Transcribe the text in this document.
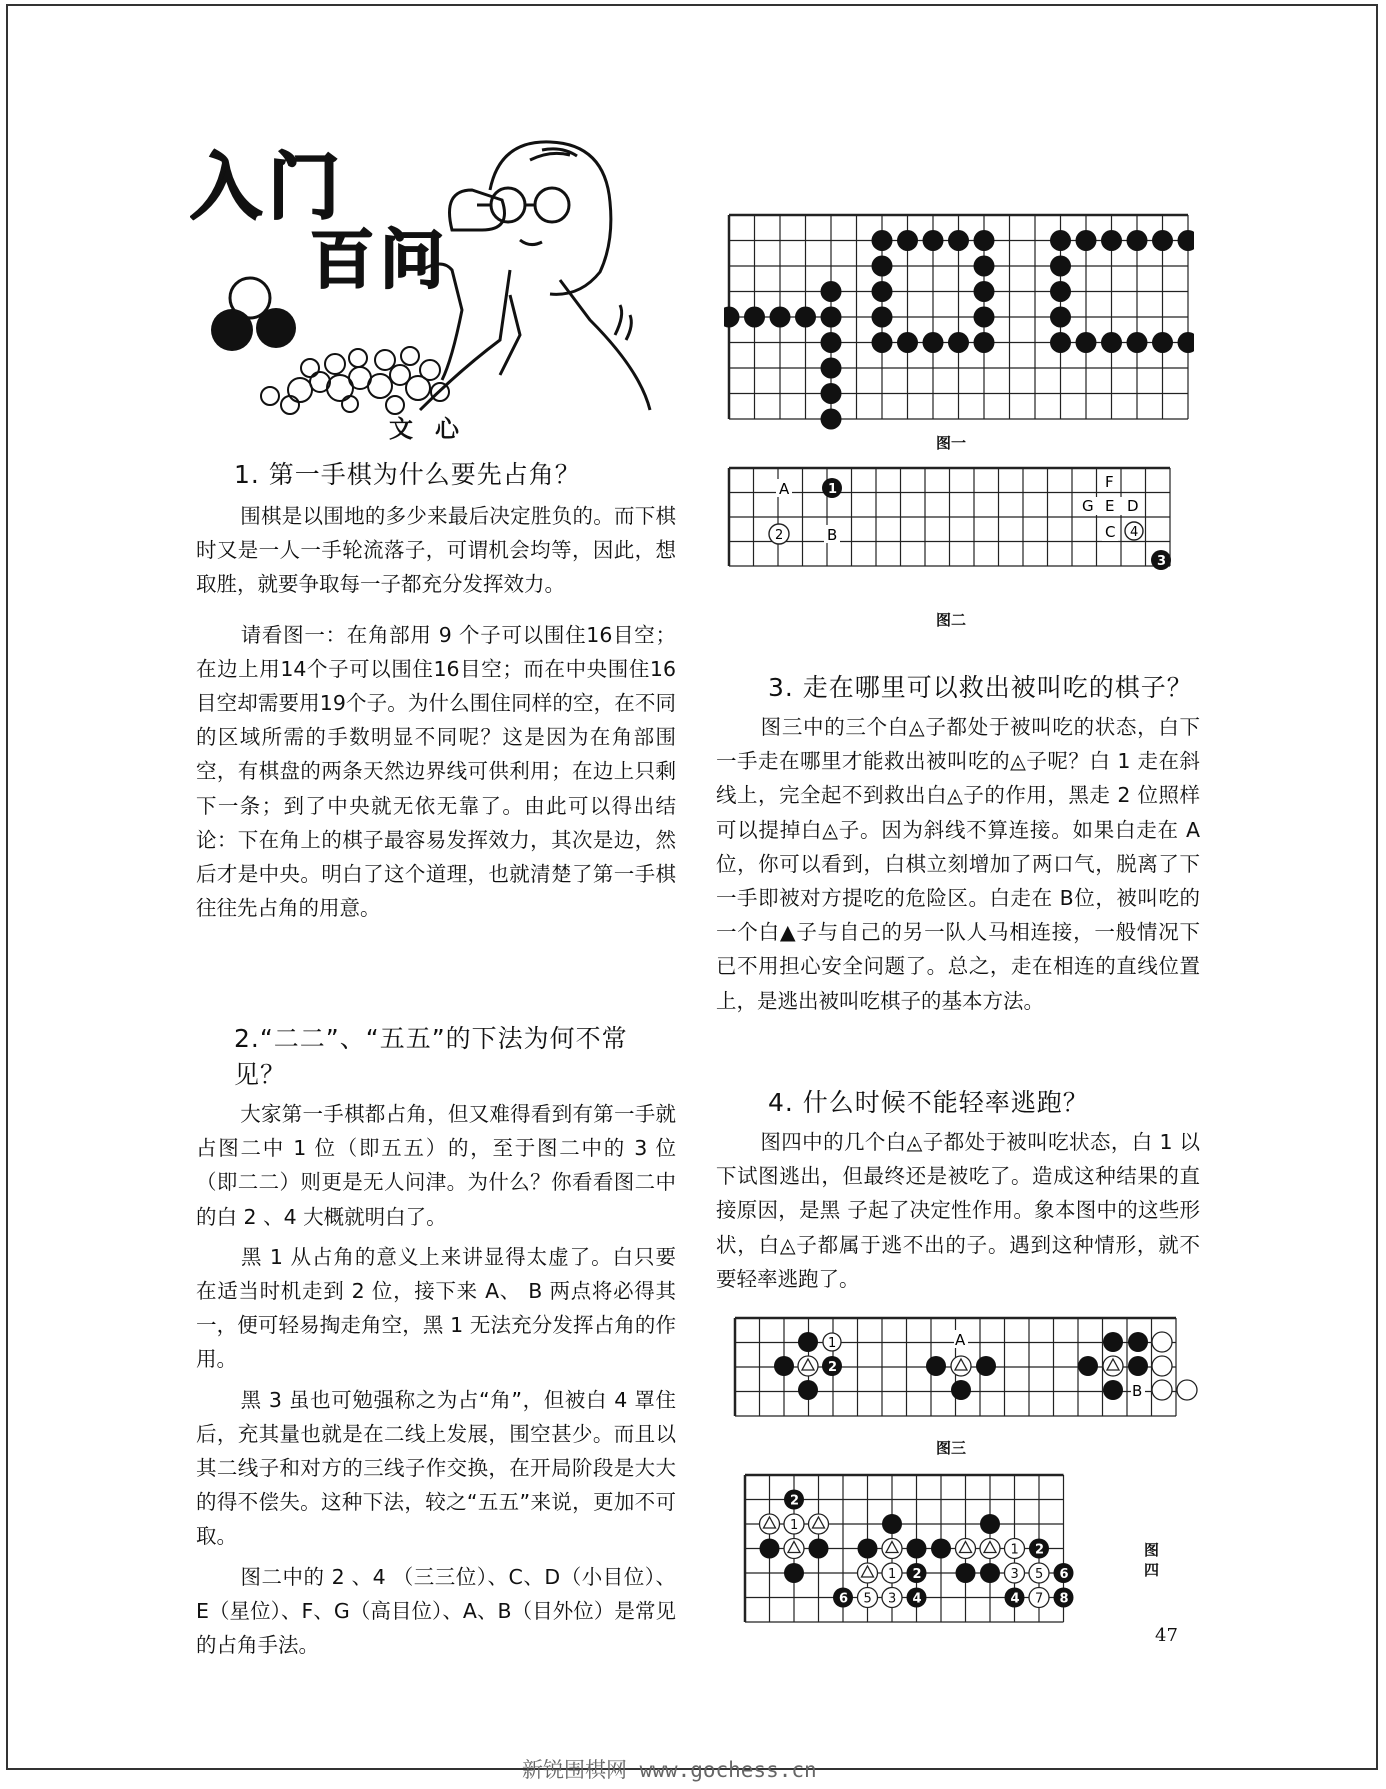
入门
百问
文心
1. 第一手棋为什么要先占角？

围棋是以围地的多少来最后决定胜负的。而下棋时又是一人一手轮流落子，可谓机会均等，因此，想取胜，就要争取每一子都充分发挥效力。

请看图一：在角部用 9 个子可以围住16目空；在边上用14个子可以围住16目空；而在中央围住16目空却需要用19个子。为什么围住同样的空，在不同的区域所需的手数明显不同呢？这是因为在角部围空，有棋盘的两条天然边界线可供利用；在边上只剩下一条；到了中央就无依无靠了。由此可以得出结论：下在角上的棋子最容易发挥效力，其次是边，然后才是中央。明白了这个道理，也就清楚了第一手棋往往先占角的用意。

2.“二二”、“五五”的下法为何不常见？

大家第一手棋都占角，但又难得看到有第一手就占图二中 1 位（即五五）的，至于图二中的 3 位（即二二）则更是无人问津。为什么？你看看图二中的白 2 、4 大概就明白了。

黑 1 从占角的意义上来讲显得太虚了。白只要在适当时机走到 2 位，接下来 A、 B 两点将必得其一，便可轻易掏走角空，黑 1 无法充分发挥占角的作用。

黑 3 虽也可勉强称之为占“角”，但被白 4 罩住后，充其量也就是在二线上发展，围空甚少。而且以其二线子和对方的三线子作交换，在开局阶段是大大的得不偿失。这种下法，较之“五五”来说，更加不可取。

图二中的 2 、4 （三三位）、C、D（小目位）、E（星位）、F、G（高目位）、A、B（目外位）是常见的占角手法。

图一
A	1
2	B
F
G E D
C 4
3
图二
3. 走在哪里可以救出被叫吃的棋子？

图三中的三个白◬子都处于被叫吃的状态，白下一手走在哪里才能救出被叫吃的◬子呢？白 1 走在斜线上，完全起不到救出白◬子的作用，黑走 2 位照样可以提掉白◬子。因为斜线不算连接。如果白走在 A位，你可以看到，白棋立刻增加了两口气，脱离了下一手即被对方提吃的危险区。白走在 B位，被叫吃的一个白▲子与自己的另一队人马相连接，一般情况下已不用担心安全问题了。总之，走在相连的直线位置上，是逃出被叫吃棋子的基本方法。

4. 什么时候不能轻率逃跑？

图四中的几个白◬子都处于被叫吃状态，白 1 以下试图逃出，但最终还是被吃了。造成这种结果的直接原因，是黑 子起了决定性作用。象本图中的这些形状，白◬子都属于逃不出的子。遇到这种情形，就不要轻率逃跑了。

1
2
A
B
图三
2
1
1 2
6 5 3 4
1 2
3 5 6
4 7 8
图四
47
新锐围棋网 www.gochess.cn
